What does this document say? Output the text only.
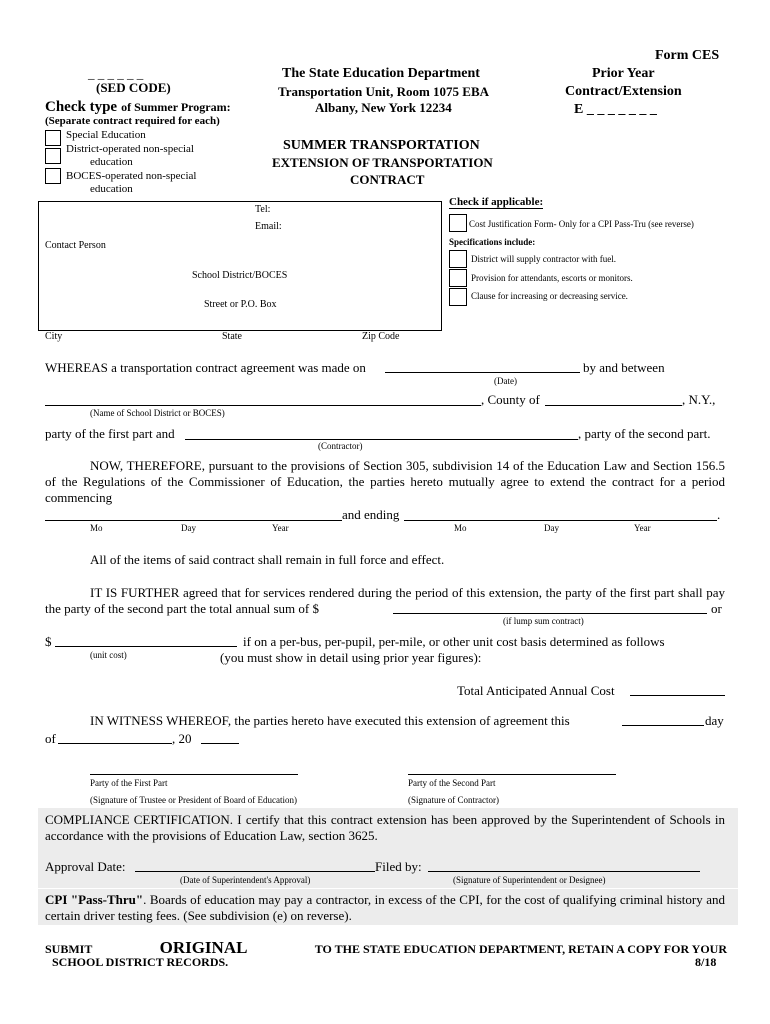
Form CES
Prior Year
Contract/Extension
E _ _ _ _ _ _ _
_ _ _ _ _ _
(SED CODE)
The State Education Department
Transportation Unit, Room 1075 EBA
Albany, New York 12234
SUMMER TRANSPORTATION
EXTENSION OF TRANSPORTATION
CONTRACT
Check type of Summer Program:
(Separate contract required for each)
Special Education
District-operated non-special
education
BOCES-operated non-special
education
Tel:
Email:
Contact Person
School District/BOCES
Street or P.O. Box
City	State	Zip Code
Check if applicable:
Cost Justification Form- Only for a CPI Pass-Tru (see reverse)
Specifications include:
District will supply contractor with fuel.
Provision for attendants, escorts or monitors.
Clause for increasing or decreasing service.
WHEREAS a transportation contract agreement was made on	by and between
(Date)
, County of	, N.Y.,
(Name of School District or BOCES)
party of the first part and	, party of the second part.
(Contractor)
NOW, THEREFORE, pursuant to the provisions of Section 305, subdivision 14 of the Education Law and Section 156.5 of the Regulations of the Commissioner of Education, the parties hereto mutually agree to extend the contract for a period commencing
and ending	.
Mo	Day	Year	Mo	Day	Year
All of the items of said contract shall remain in full force and effect.
IT IS FURTHER agreed that for services rendered during the period of this extension, the party of the first part shall pay the party of the second part the total annual sum of $	or
(if lump sum contract)
$	if on a per-bus, per-pupil, per-mile, or other unit cost basis determined as follows
(unit cost)	(you must show in detail using prior year figures):
Total Anticipated Annual Cost
IN WITNESS WHEREOF, the parties hereto have executed this extension of agreement this	day
of	, 20
Party of the First Part	Party of the Second Part
(Signature of Trustee or President of Board of Education)	(Signature of Contractor)
COMPLIANCE CERTIFICATION. I certify that this contract extension has been approved by the Superintendent of Schools in accordance with the provisions of Education Law, section 3625.
Approval Date:	Filed by:
(Date of Superintendent's Approval)	(Signature of Superintendent or Designee)
CPI "Pass-Thru". Boards of education may pay a contractor, in excess of the CPI, for the cost of qualifying criminal history and certain driver testing fees. (See subdivision (e) on reverse).
SUBMIT	ORIGINAL	TO THE STATE EDUCATION DEPARTMENT, RETAIN A COPY FOR YOUR
SCHOOL DISTRICT RECORDS.	8/18
